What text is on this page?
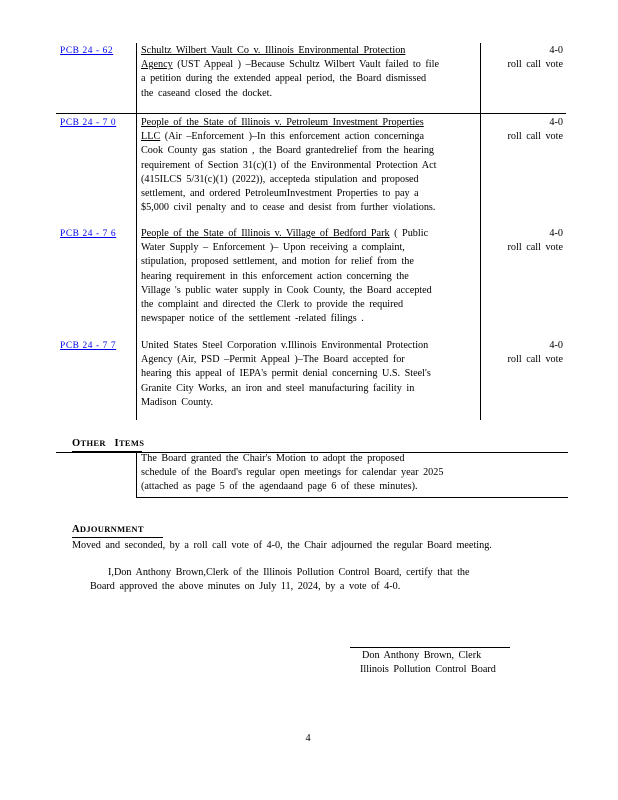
PCB 24 - 62	Schultz Wilbert Vault Co v. Illinois Environmental Protection
Agency (UST Appeal ) –Because Schultz Wilbert Vault failed to file
a petition during the extended appeal period, the Board dismissed
the caseand closed the docket.
4-0
roll call vote
PCB 24 - 7 0 People of the State of Illinois v. Petroleum Investment Properties
LLC (Air –Enforcement )–In this enforcement action concerninga
Cook County gas station , the Board grantedrelief from the hearing
requirement of Section 31(c)(1) of the Environmental Protection Act
(415ILCS 5/31(c)(1) (2022)), accepteda stipulation and proposed
settlement, and ordered PetroleumInvestment Properties to pay a
$5,000 civil penalty and to cease and desist from further violations.
4-0
roll call vote
PCB 24 - 7 6 People of the State of Illinois v. Village of Bedford Park ( Public
Water Supply – Enforcement )– Upon receiving a complaint,
stipulation, proposed settlement, and motion for relief from the
hearing requirement in this enforcement action concerning the
Village 's public water supply in Cook County, the Board accepted
the complaint and directed the Clerk to provide the required
newspaper notice of the settlement -related filings .
4-0
roll call vote
PCB 24 - 7 7 United States Steel Corporation v.Illinois Environmental Protection
Agency (Air, PSD –Permit Appeal )–The Board accepted for
hearing this appeal of IEPA's permit denial concerning U.S. Steel's
Granite City Works, an iron and steel manufacturing facility in
Madison County.
4-0
roll call vote
OTHER ITEMS
The Board granted the Chair's Motion to adopt the proposed
schedule of the Board's regular open meetings for calendar year 2025
(attached as page 5 of the agendaand page 6 of these minutes).
ADJOURNMENT
Moved and seconded, by a roll call vote of 4-0, the Chair adjourned the regular Board meeting.
I,Don Anthony Brown,Clerk of the Illinois Pollution Control Board, certify that the
Board approved the above minutes on July 11, 2024, by a vote of 4-0.
Don Anthony Brown, Clerk
Illinois Pollution Control Board
4
